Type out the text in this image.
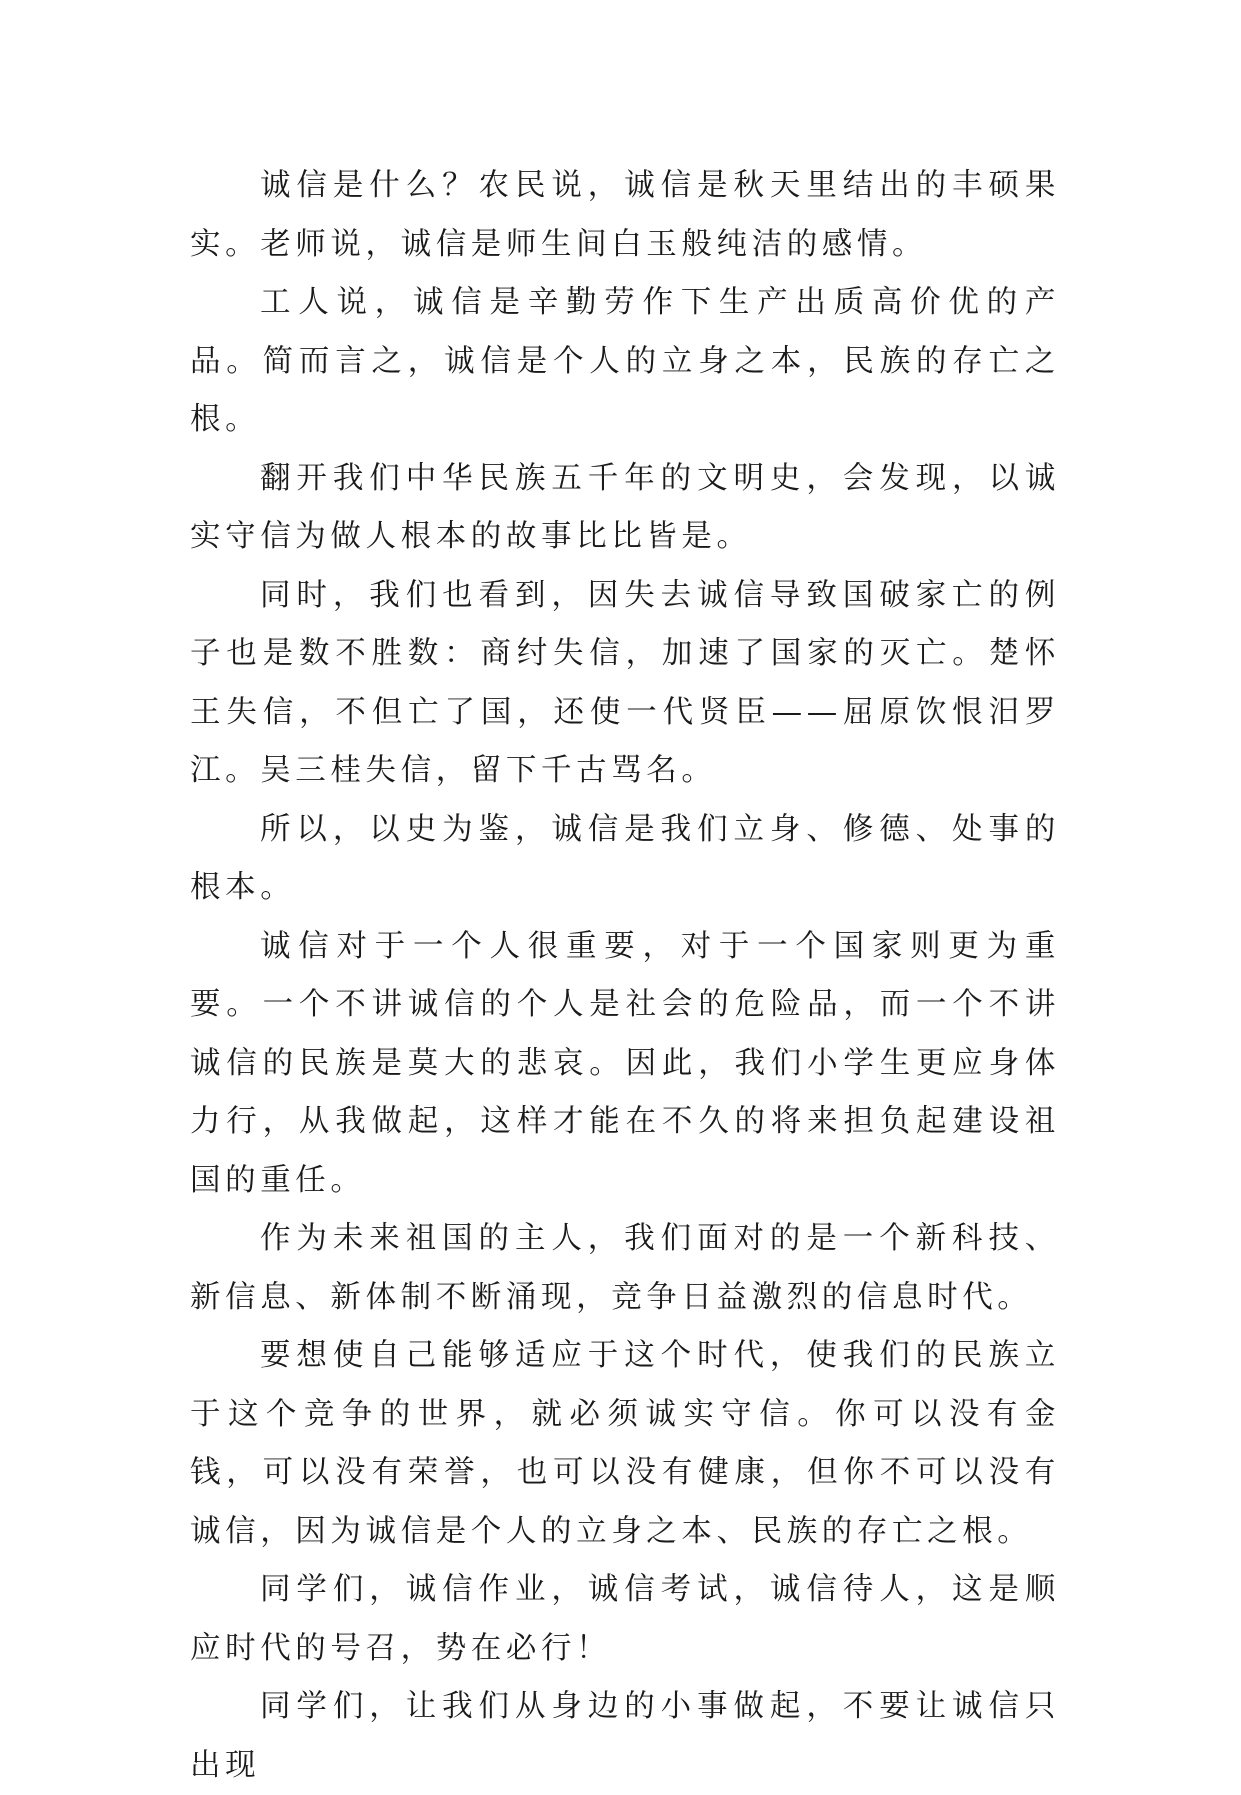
诚信是什么？农民说，诚信是秋天里结出的丰硕果实。老师说，诚信是师生间白玉般纯洁的感情。

工人说，诚信是辛勤劳作下生产出质高价优的产品。简而言之，诚信是个人的立身之本，民族的存亡之根。

翻开我们中华民族五千年的文明史，会发现，以诚实守信为做人根本的故事比比皆是。

同时，我们也看到，因失去诚信导致国破家亡的例子也是数不胜数：商纣失信，加速了国家的灭亡。楚怀王失信，不但亡了国，还使一代贤臣——屈原饮恨汨罗江。吴三桂失信，留下千古骂名。

所以，以史为鉴，诚信是我们立身、修德、处事的根本。

诚信对于一个人很重要，对于一个国家则更为重要。一个不讲诚信的个人是社会的危险品，而一个不讲诚信的民族是莫大的悲哀。因此，我们小学生更应身体力行，从我做起，这样才能在不久的将来担负起建设祖国的重任。

作为未来祖国的主人，我们面对的是一个新科技、新信息、新体制不断涌现，竞争日益激烈的信息时代。

要想使自己能够适应于这个时代，使我们的民族立于这个竞争的世界，就必须诚实守信。你可以没有金钱，可以没有荣誉，也可以没有健康，但你不可以没有诚信，因为诚信是个人的立身之本、民族的存亡之根。

同学们，诚信作业，诚信考试，诚信待人，这是顺应时代的号召，势在必行！

同学们，让我们从身边的小事做起，不要让诚信只出现
